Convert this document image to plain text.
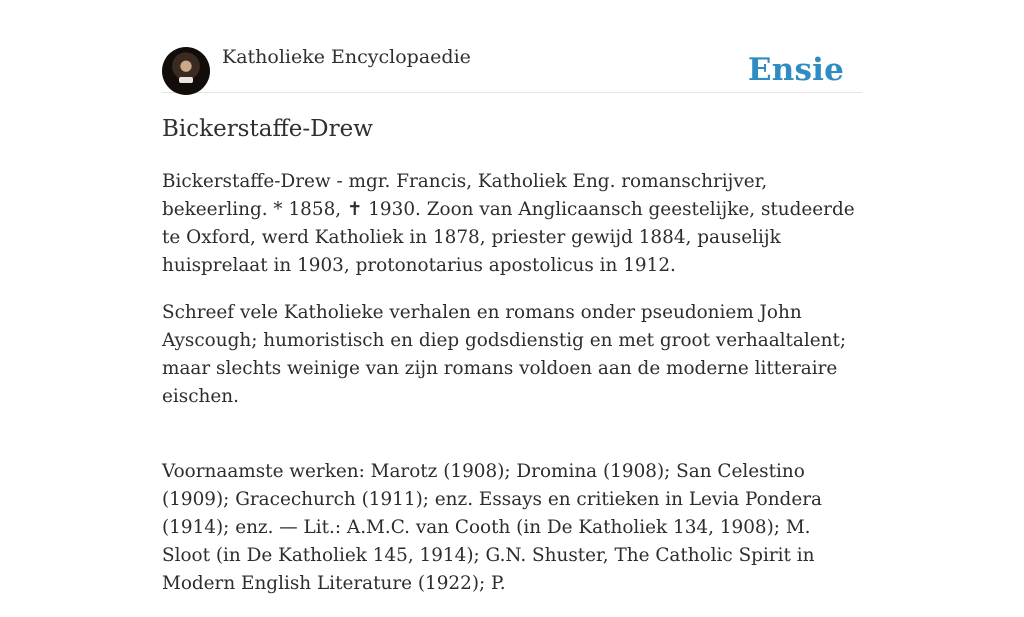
Katholieke Encyclopaedie	Ensie
Bickerstaffe-Drew

Bickerstaffe-Drew - mgr. Francis, Katholiek Eng. romanschrijver, bekeerling. * 1858, ✝ 1930. Zoon van Anglicaansch geestelijke, studeerde te Oxford, werd Katholiek in 1878, priester gewijd 1884, pauselijk huisprelaat in 1903, protonotarius apostolicus in 1912.

Schreef vele Katholieke verhalen en romans onder pseudoniem John Ayscough; humoristisch en diep godsdienstig en met groot verhaaltalent; maar slechts weinige van zijn romans voldoen aan de moderne litteraire eischen.

Voornaamste werken: Marotz (1908); Dromina (1908); San Celestino (1909); Gracechurch (1911); enz. Essays en critieken in Levia Pondera (1914); enz. — Lit.: A.M.C. van Cooth (in De Katholiek 134, 1908); M. Sloot (in De Katholiek 145, 1914); G.N. Shuster, The Catholic Spirit in Modern English Literature (1922); P.
